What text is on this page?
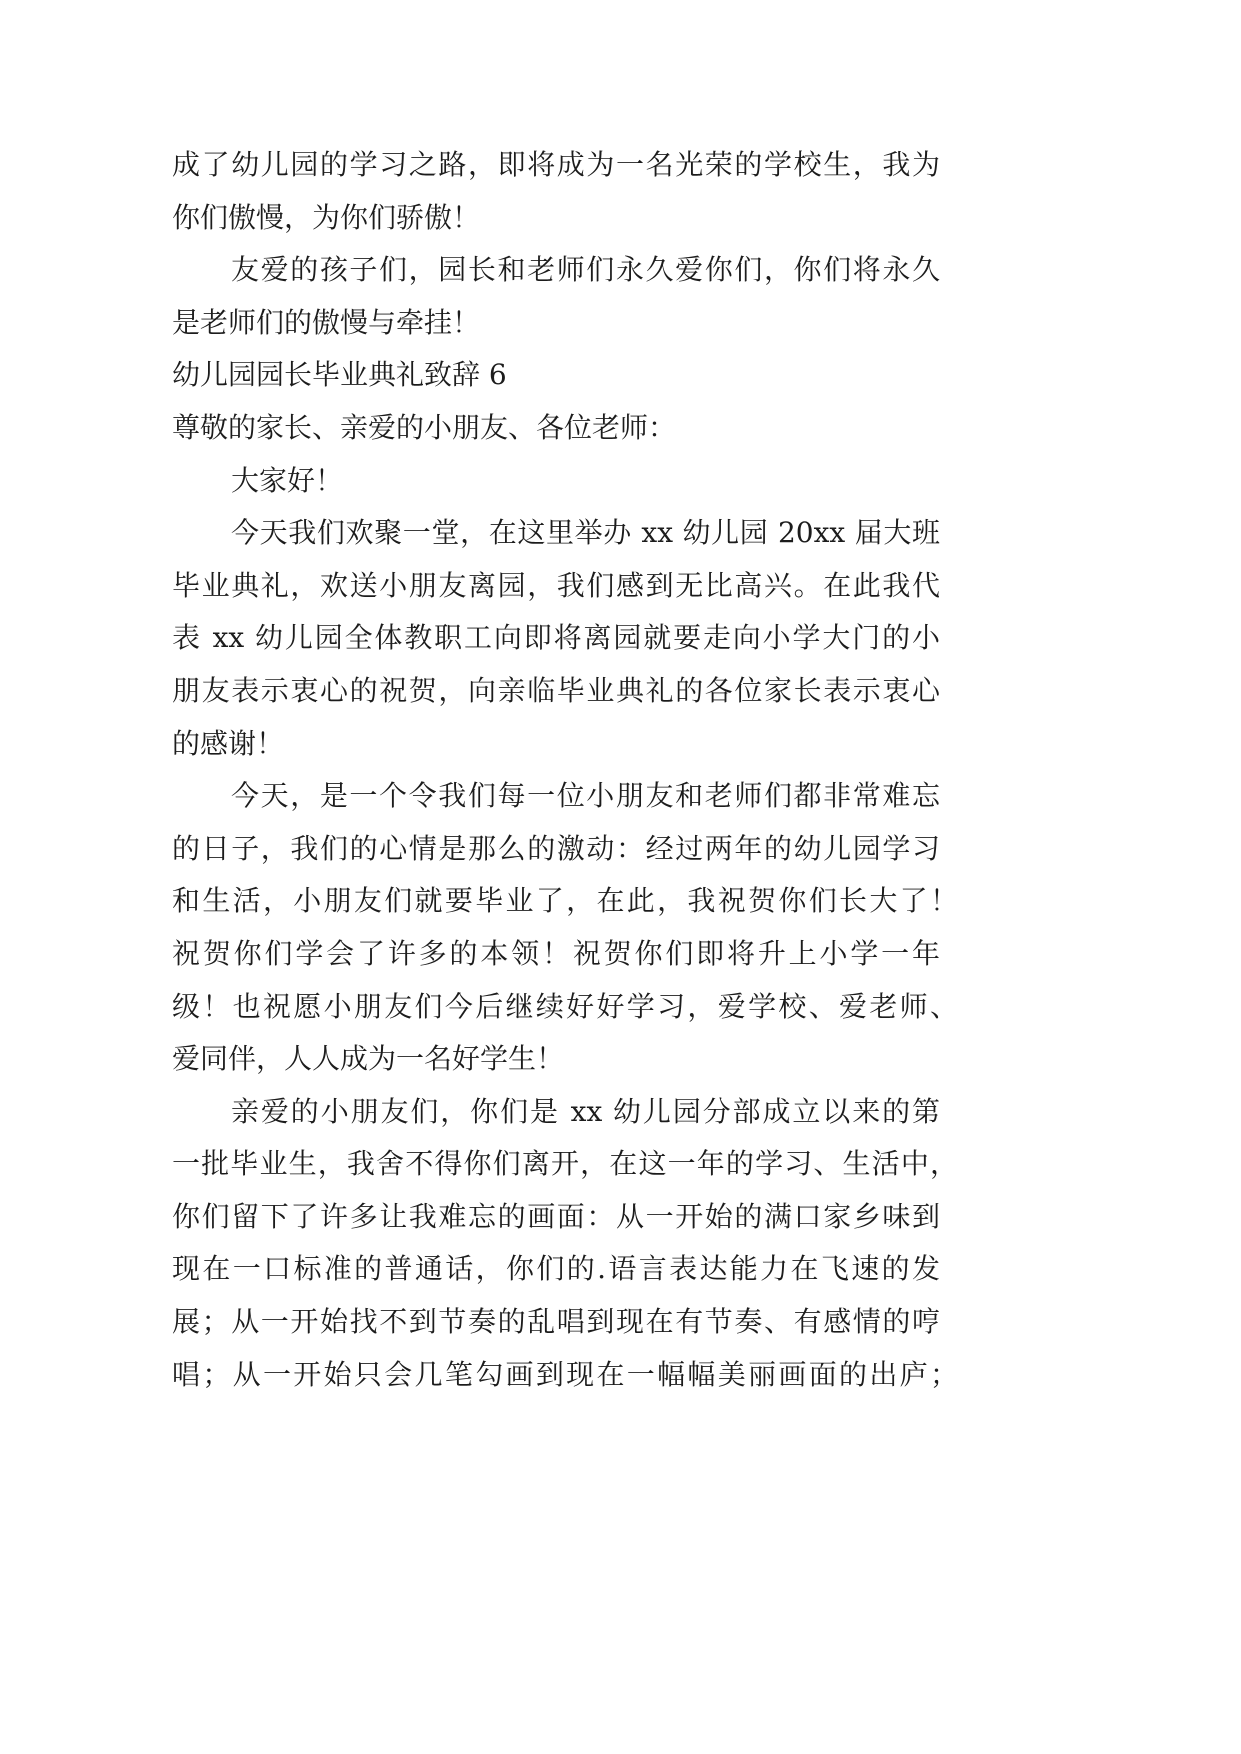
成了幼儿园的学习之路，即将成为一名光荣的学校生，我为
你们傲慢，为你们骄傲！
友爱的孩子们，园长和老师们永久爱你们，你们将永久
是老师们的傲慢与牵挂！
幼儿园园长毕业典礼致辞 6
尊敬的家长、亲爱的小朋友、各位老师：
大家好！
今天我们欢聚一堂，在这里举办 xx 幼儿园 20xx 届大班
毕业典礼，欢送小朋友离园，我们感到无比高兴。在此我代
表 xx 幼儿园全体教职工向即将离园就要走向小学大门的小
朋友表示衷心的祝贺，向亲临毕业典礼的各位家长表示衷心
的感谢！
今天，是一个令我们每一位小朋友和老师们都非常难忘
的日子，我们的心情是那么的激动：经过两年的幼儿园学习
和生活，小朋友们就要毕业了，在此，我祝贺你们长大了！
祝贺你们学会了许多的本领！祝贺你们即将升上小学一年
级！也祝愿小朋友们今后继续好好学习，爱学校、爱老师、
爱同伴，人人成为一名好学生！
亲爱的小朋友们，你们是 xx 幼儿园分部成立以来的第
一批毕业生，我舍不得你们离开，在这一年的学习、生活中，
你们留下了许多让我难忘的画面：从一开始的满口家乡味到
现在一口标准的普通话，你们的.语言表达能力在飞速的发
展；从一开始找不到节奏的乱唱到现在有节奏、有感情的哼
唱；从一开始只会几笔勾画到现在一幅幅美丽画面的出庐；
